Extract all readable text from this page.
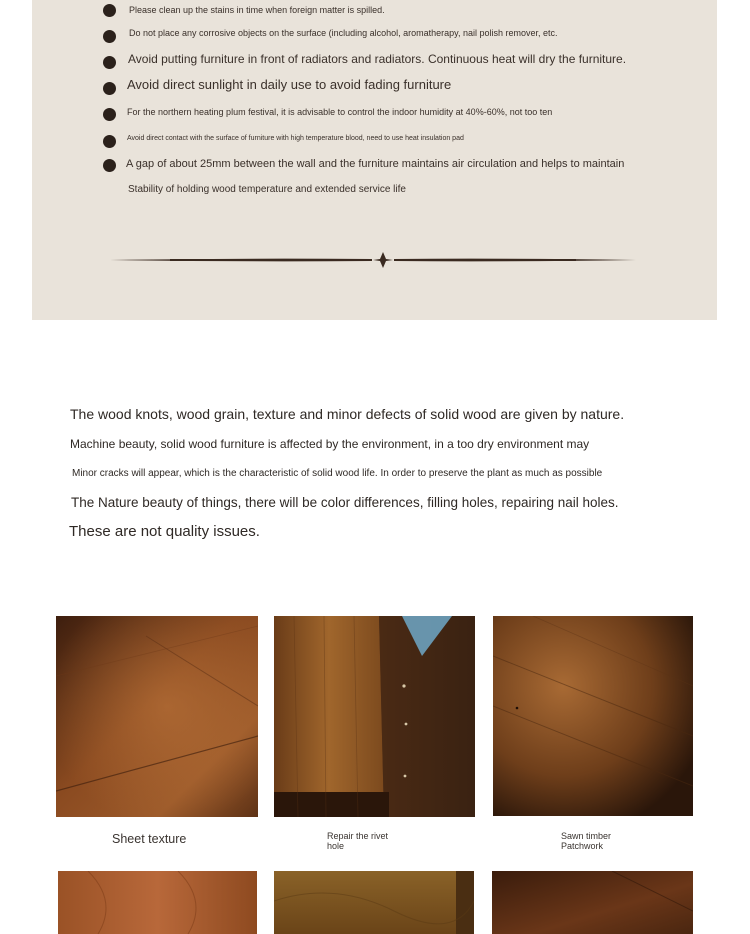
Please clean up the stains in time when foreign matter is spilled.
Do not place any corrosive objects on the surface (including alcohol, aromatherapy, nail polish remover, etc.
Avoid putting furniture in front of radiators and radiators. Continuous heat will dry the furniture.
Avoid direct sunlight in daily use to avoid fading furniture
For the northern heating plum festival, it is advisable to control the indoor humidity at 40%-60%, not too ten
Avoid direct contact with the surface of furniture with high temperature blood, need to use heat insulation pad
A gap of about 25mm between the wall and the furniture maintains air circulation and helps to maintain
Stability of holding wood temperature and extended service life

The wood knots, wood grain, texture and minor defects of solid wood are given by nature.

Machine beauty, solid wood furniture is affected by the environment, in a too dry environment may

Minor cracks will appear, which is the characteristic of solid wood life. In order to preserve the plant as much as possible

The Nature beauty of things, there will be color differences, filling holes, repairing nail holes.

These are not quality issues.

Sheet texture	Repair the rivet
hole
Sawn timber
Patchwork
